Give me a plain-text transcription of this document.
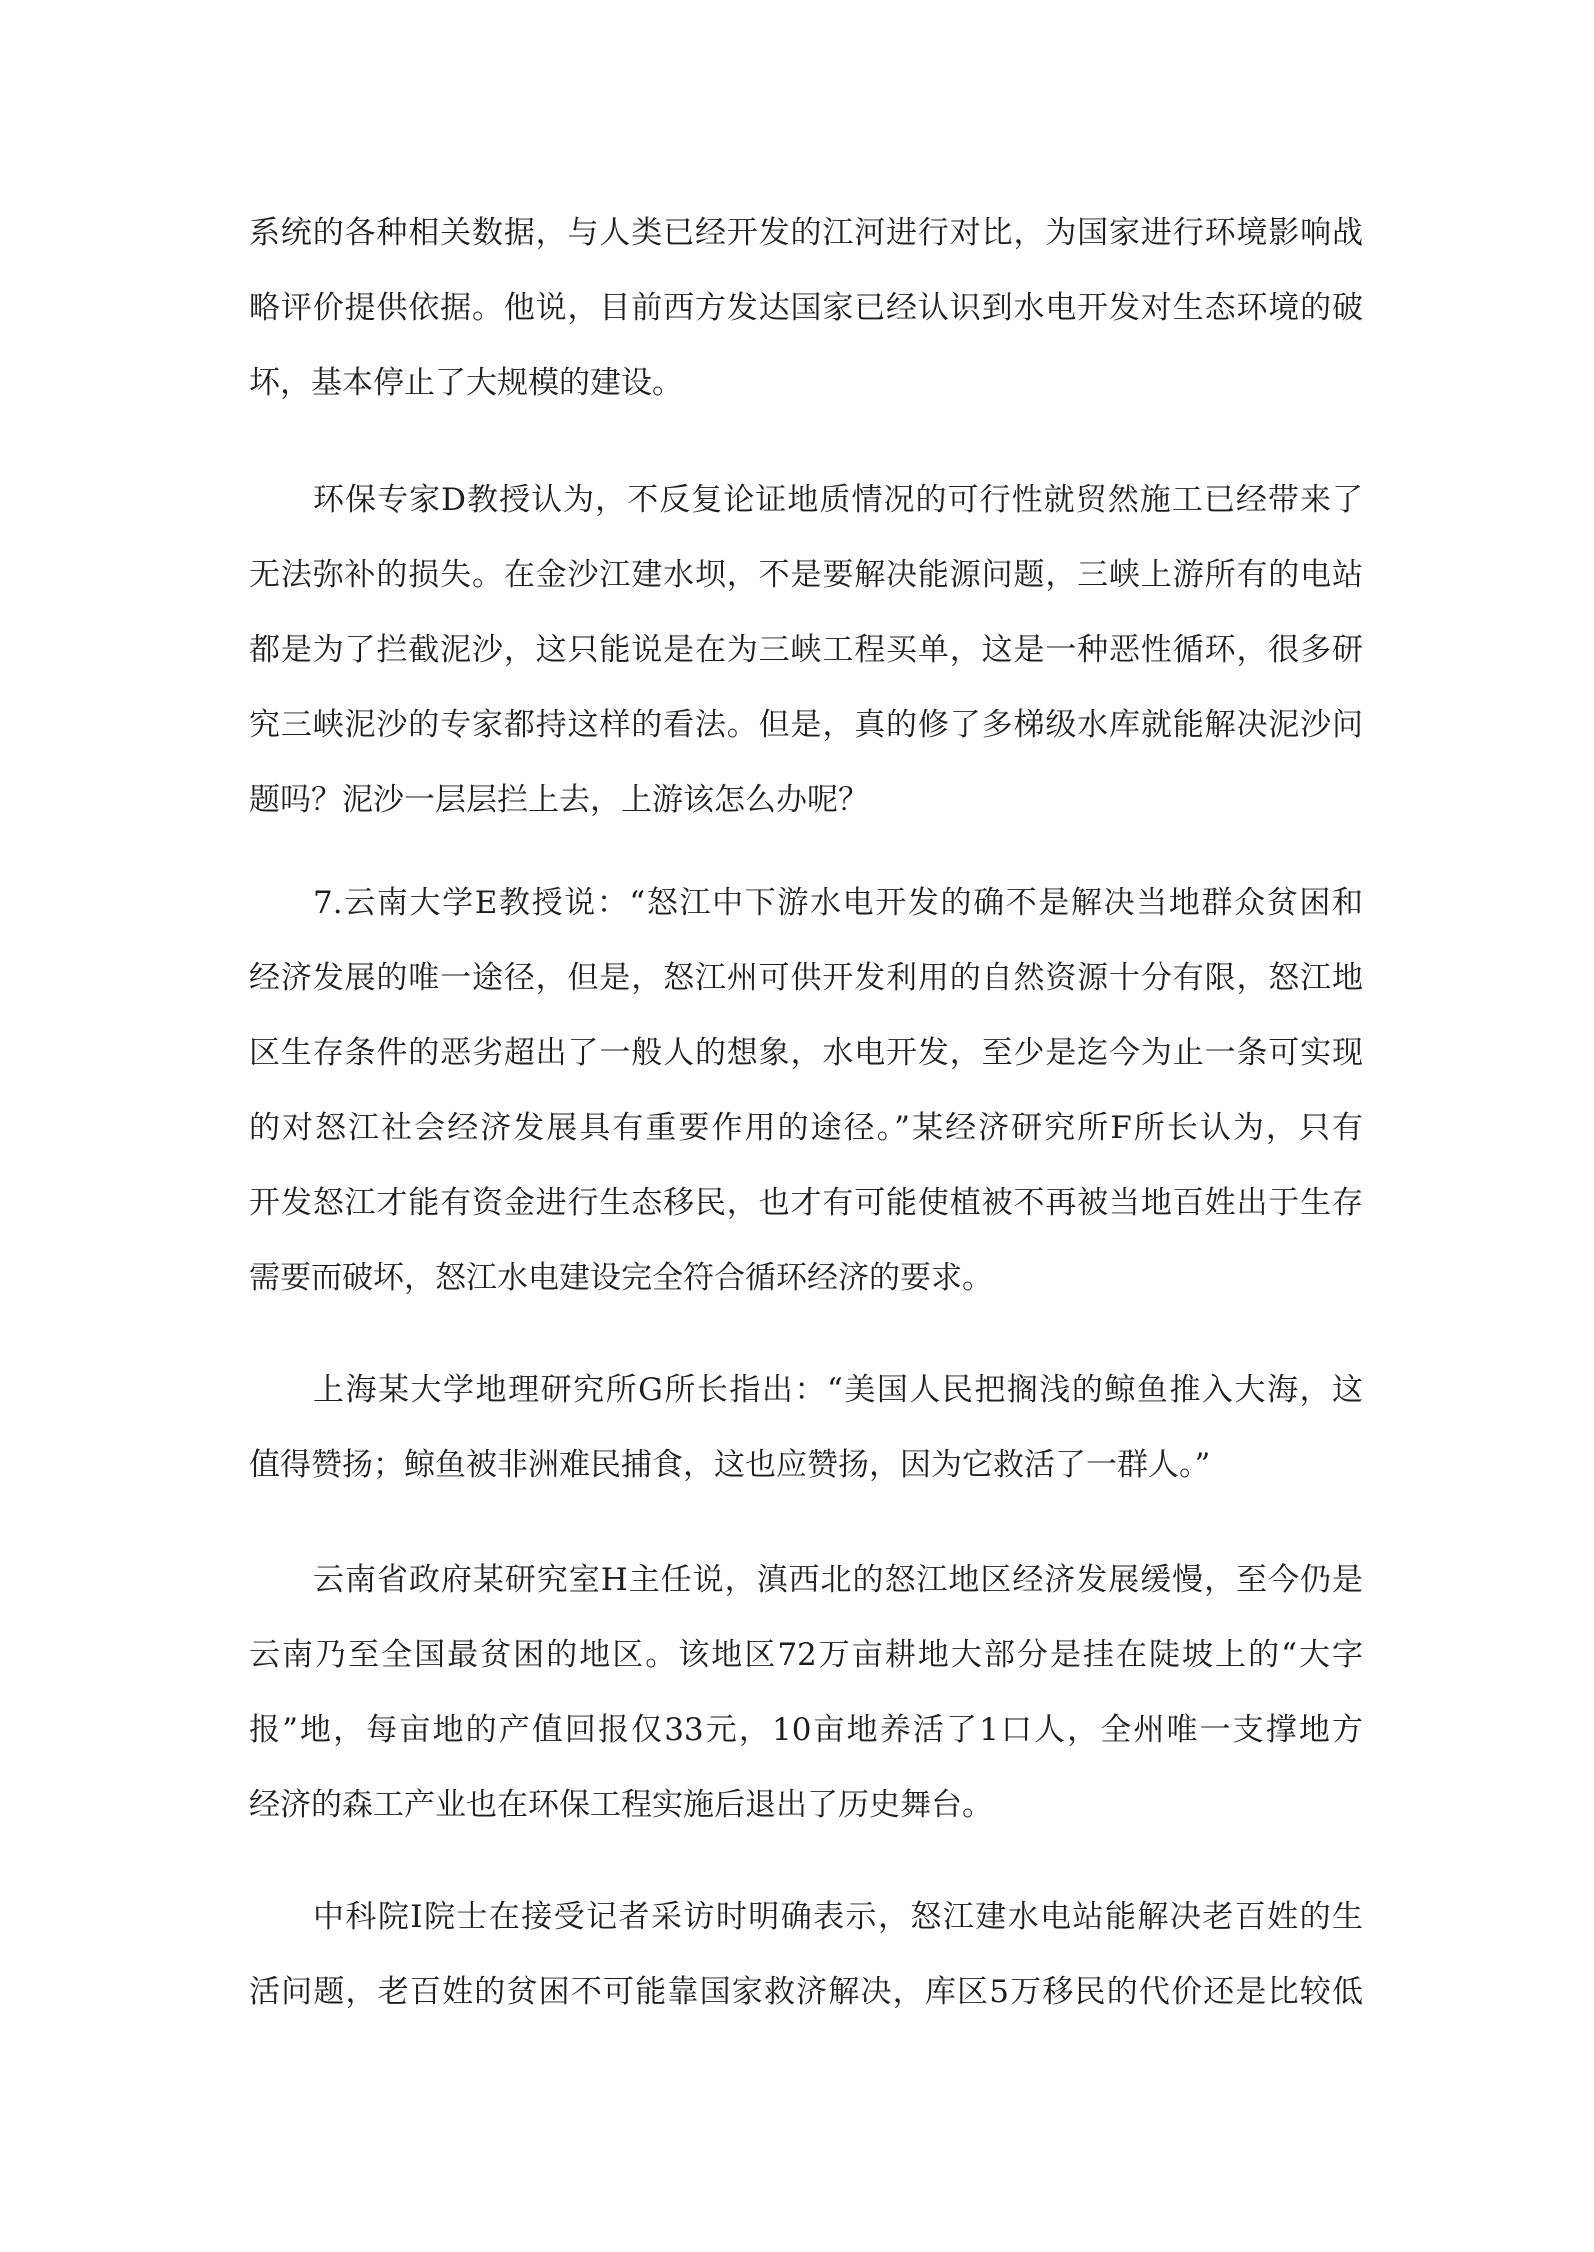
系统的各种相关数据，与人类已经开发的江河进行对比，为国家进行环境影响战
略评价提供依据。他说，目前西方发达国家已经认识到水电开发对生态环境的破
坏，基本停止了大规模的建设。
环保专家D教授认为，不反复论证地质情况的可行性就贸然施工已经带来了
无法弥补的损失。在金沙江建水坝，不是要解决能源问题，三峡上游所有的电站
都是为了拦截泥沙，这只能说是在为三峡工程买单，这是一种恶性循环，很多研
究三峡泥沙的专家都持这样的看法。但是，真的修了多梯级水库就能解决泥沙问
题吗？泥沙一层层拦上去，上游该怎么办呢？
7.云南大学E教授说：“怒江中下游水电开发的确不是解决当地群众贫困和
经济发展的唯一途径，但是，怒江州可供开发利用的自然资源十分有限，怒江地
区生存条件的恶劣超出了一般人的想象，水电开发，至少是迄今为止一条可实现
的对怒江社会经济发展具有重要作用的途径。”某经济研究所F所长认为，只有
开发怒江才能有资金进行生态移民，也才有可能使植被不再被当地百姓出于生存
需要而破坏，怒江水电建设完全符合循环经济的要求。
上海某大学地理研究所G所长指出：“美国人民把搁浅的鲸鱼推入大海，这
值得赞扬；鲸鱼被非洲难民捕食，这也应赞扬，因为它救活了一群人。”
云南省政府某研究室H主任说，滇西北的怒江地区经济发展缓慢，至今仍是
云南乃至全国最贫困的地区。该地区72万亩耕地大部分是挂在陡坡上的“大字
报”地，每亩地的产值回报仅33元，10亩地养活了1口人，全州唯一支撑地方
经济的森工产业也在环保工程实施后退出了历史舞台。
中科院I院士在接受记者采访时明确表示，怒江建水电站能解决老百姓的生
活问题，老百姓的贫困不可能靠国家救济解决，库区5万移民的代价还是比较低
